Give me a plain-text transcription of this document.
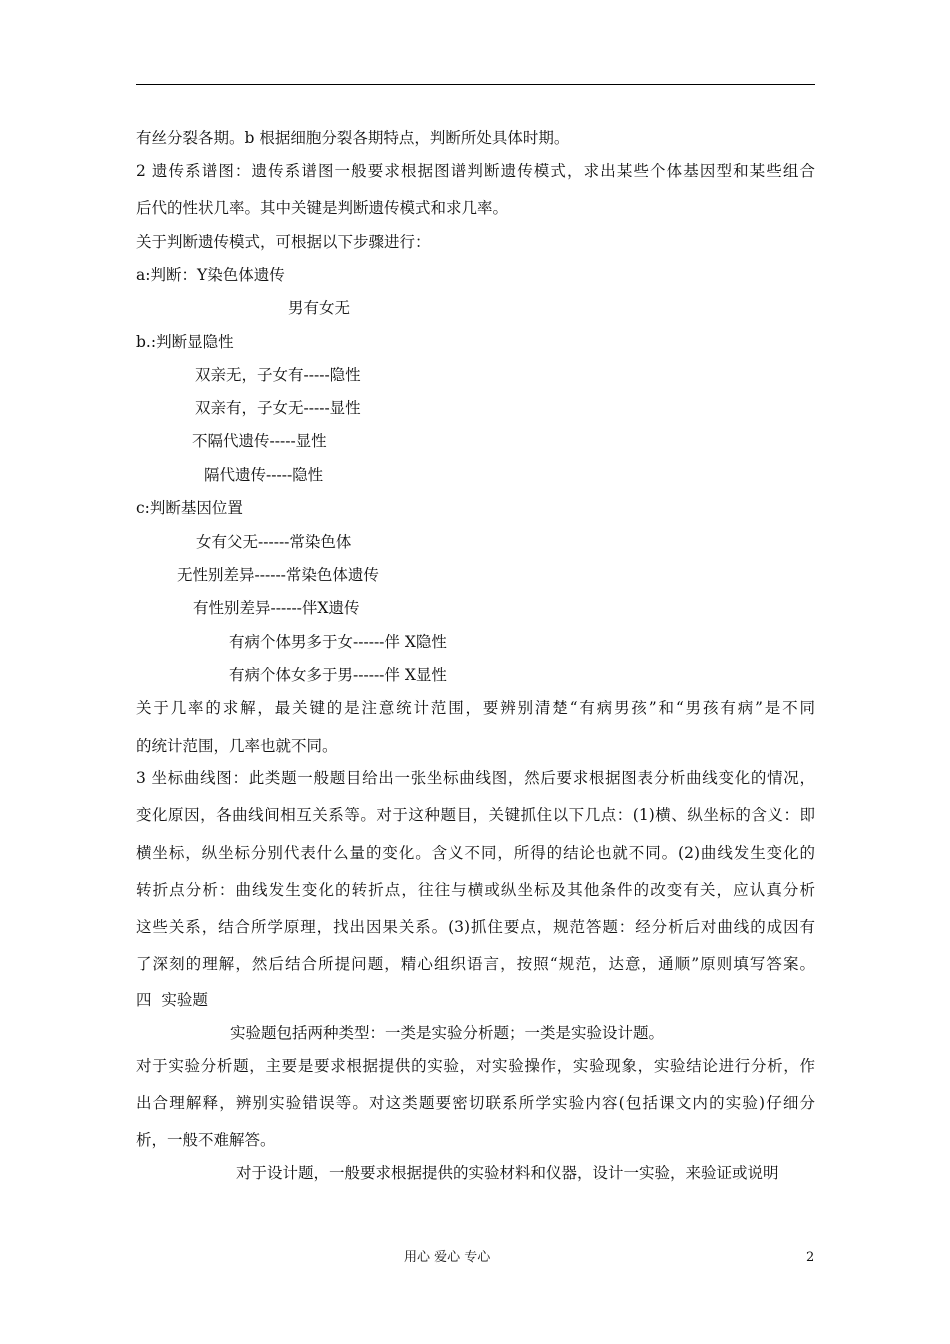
有丝分裂各期。b 根据细胞分裂各期特点，判断所处具体时期。
2 遗传系谱图：遗传系谱图一般要求根据图谱判断遗传模式，求出某些个体基因型和某些组合
后代的性状几率。其中关键是判断遗传模式和求几率。
关于判断遗传模式，可根据以下步骤进行：
a:判断：Y染色体遗传
男有女无
b.:判断显隐性
双亲无，子女有-----隐性
双亲有，子女无-----显性
不隔代遗传-----显性
隔代遗传-----隐性
c:判断基因位置
女有父无------常染色体
无性别差异------常染色体遗传
有性别差异------伴X遗传
有病个体男多于女------伴 X隐性
有病个体女多于男------伴 X显性
关于几率的求解，最关键的是注意统计范围，要辨别清楚“有病男孩”和“男孩有病”是不同
的统计范围，几率也就不同。
3 坐标曲线图：此类题一般题目给出一张坐标曲线图，然后要求根据图表分析曲线变化的情况，
变化原因，各曲线间相互关系等。对于这种题目，关键抓住以下几点：(1)横、纵坐标的含义：即
横坐标，纵坐标分别代表什么量的变化。含义不同，所得的结论也就不同。(2)曲线发生变化的
转折点分析：曲线发生变化的转折点，往往与横或纵坐标及其他条件的改变有关，应认真分析
这些关系，结合所学原理，找出因果关系。(3)抓住要点，规范答题：经分析后对曲线的成因有
了深刻的理解，然后结合所提问题，精心组织语言，按照“规范，达意，通顺”原则填写答案。
四  实验题
实验题包括两种类型：一类是实验分析题；一类是实验设计题。
对于实验分析题，主要是要求根据提供的实验，对实验操作，实验现象，实验结论进行分析，作
出合理解释，辨别实验错误等。对这类题要密切联系所学实验内容(包括课文内的实验)仔细分
析，一般不难解答。
对于设计题，一般要求根据提供的实验材料和仪器，设计一实验，来验证或说明
用心 爱心 专心	2
